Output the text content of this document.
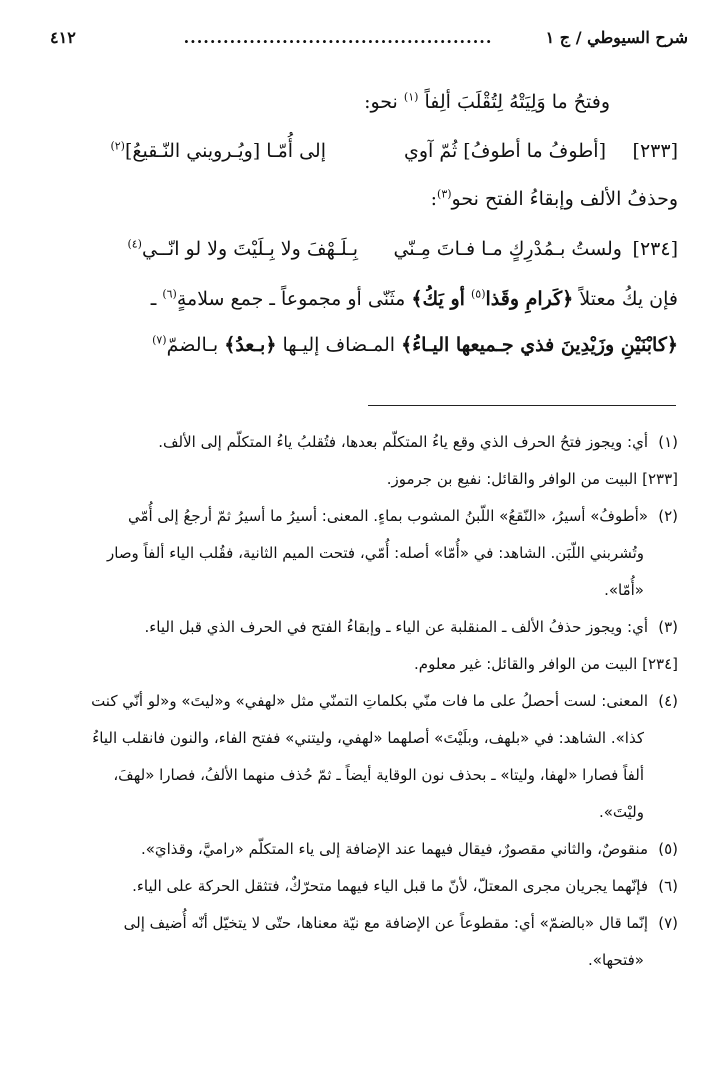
شرح السيوطي / ج ١
...............................................
٤١٢
وفتحُ ما وَلِيَتْهُ لِتُقْلَبَ ألِفاً $^{(١)}$ نحو:
[٢٣٣]
[أطوفُ ما أطوفُ] ثُمّ آوي
إلى أُمّـا [ويُـرويني النّـقيعُ]$^{(٢)}$
وحذفُ الألف وإبقاءُ الفتح نحو$^{(٣)}$:
[٢٣٤]
ولستُ بـمُدْرِكٍ مـا فـاتَ مِـنّي
بِـلَـهْفَ ولا بِـلَيْتَ ولا لو انّــي$^{(٤)}$
فإن يكُ معتلاً ﴿كَرامِ وقَذا$^{(٥)}$ أو يَكُ﴾ مثَنّى أو مجموعاً ـ جمع سلامةٍ$^{(٦)}$ ـ
﴿كابْنَيْنِ وزَيْدِينَ فذي جـميعها اليـاءُ﴾ المـضاف إليـها ﴿بـعدُ﴾ بـالضمّ$^{(٧)}$
(١)أي: ويجوز فتحُ الحرف الذي وقع ياءُ المتكلّم بعدها، فتُقلبُ ياءُ المتكلّم إلى الألف.
[٢٣٣] البيت من الوافر والقائل: نفيع بن جرموز.
(٢)«أطوفُ» أسيرُ، «النّقعُ» اللّبنُ المشوب بماءٍ. المعنى: أسيرُ ما أسيرُ ثمّ أرجعُ إلى أُمّي
وتُشربني اللّبَن. الشاهد: في «أُمّا» أصله: أُمّي، فتحت الميم الثانية، فقُلب الياء ألفاً وصار
«أُمّا».
(٣)أي: ويجوز حذفُ الألف ـ المنقلبة عن الياء ـ وإبقاءُ الفتح في الحرف الذي قبل الياء.
[٢٣٤] البيت من الوافر والقائل: غير معلوم.
(٤)المعنى: لست أحصلُ على ما فات منّي بكلماتِ التمنّي مثل «لهفي» و«ليتَ» و«لو أنّي كنت
كذا». الشاهد: في «بلهف، وبلَيْتَ» أصلهما «لهفي، وليتني» ففتح الفاء، والنون فانقلب الياءُ
ألفاً فصارا «لهفا، وليتا» ـ بحذف نون الوقاية أيضاً ـ ثمّ حُذف منهما الألفُ، فصارا «لهفَ،
وليْتَ».
(٥)منقوصٌ، والثاني مقصورٌ، فيقال فيهما عند الإضافة إلى ياء المتكلّم «راميَّ، وقذايَ».
(٦)فإنّهما يجريان مجرى المعتلّ، لأنّ ما قبل الياء فيهما متحرّكٌ، فتثقل الحركة على الياء.
(٧)إنّما قال «بالضمّ» أي: مقطوعاً عن الإضافة مع نيّة معناها، حتّى لا يتخيّل أنّه أُضيف إلى
«فتحها».
